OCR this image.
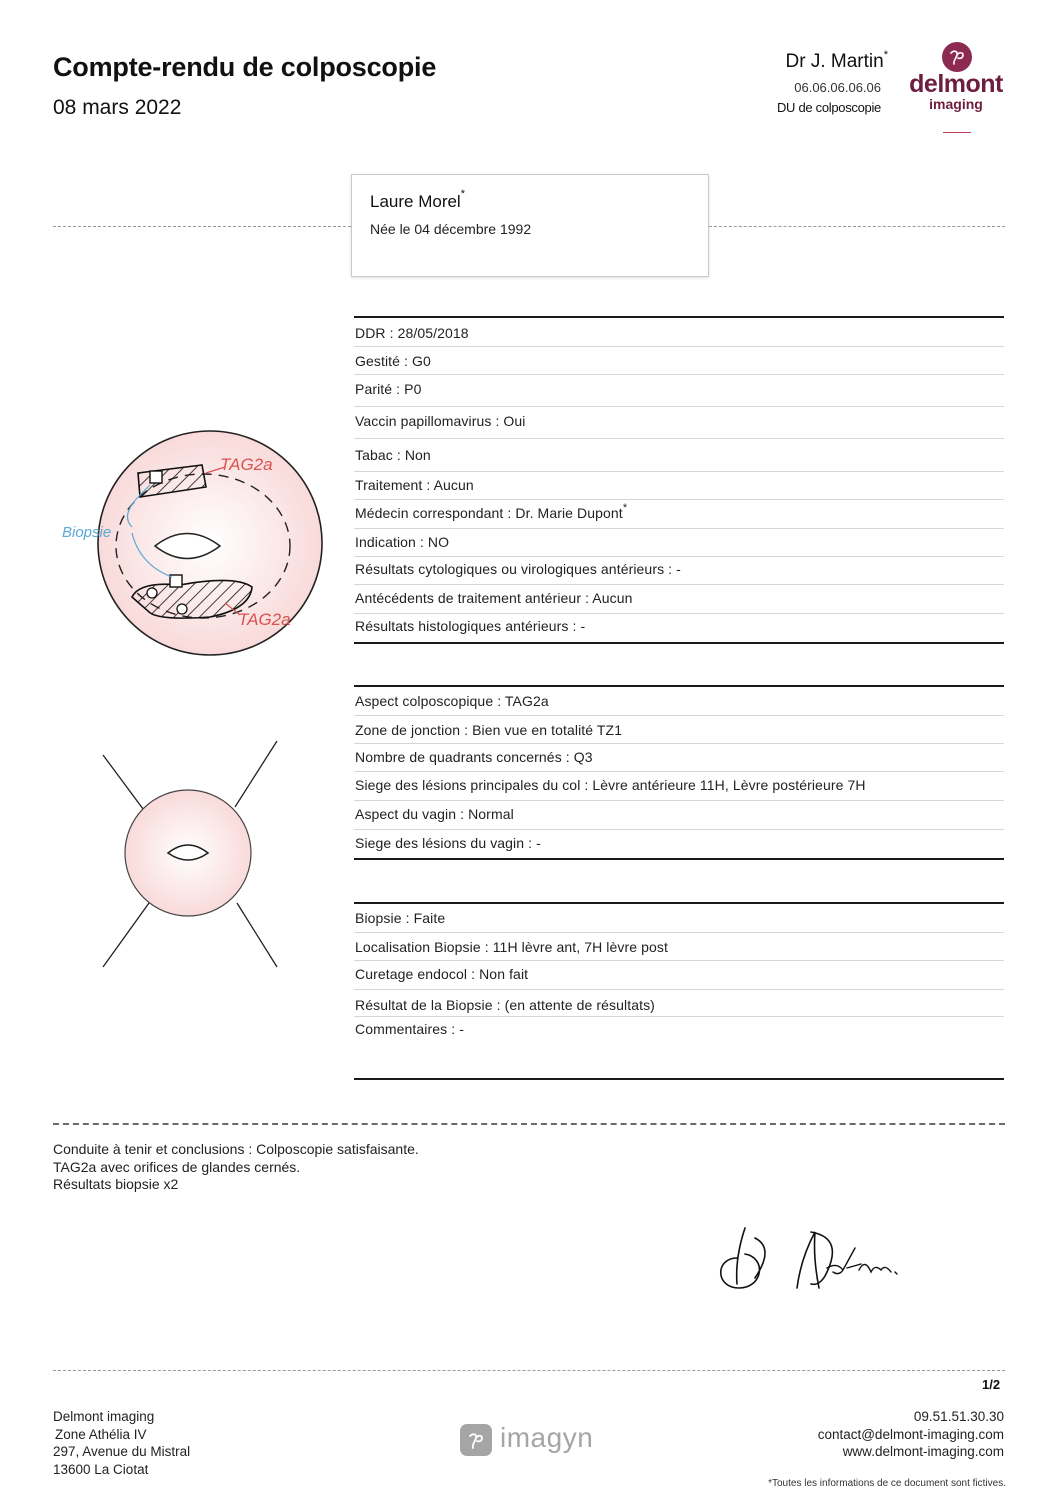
Compte-rendu de colposcopie
08 mars 2022
Dr J. Martin*
06.06.06.06.06
DU de colposcopie
delmont
imaging
Laure Morel*
Née le 04 décembre 1992
DDR : 28/05/2018
Gestité : G0
Parité : P0
Vaccin papillomavirus : Oui
Tabac : Non
Traitement : Aucun
Médecin correspondant : Dr. Marie Dupont*
Indication : NO
Résultats cytologiques ou virologiques antérieurs : -
Antécédents de traitement antérieur : Aucun
Résultats histologiques antérieurs : -
Aspect colposcopique : TAG2a
Zone de jonction : Bien vue en totalité TZ1
Nombre de quadrants concernés : Q3
Siege des lésions principales du col : Lèvre antérieure 11H, Lèvre postérieure 7H
Aspect du vagin : Normal
Siege des lésions du vagin : -
Biopsie : Faite
Localisation Biopsie : 11H lèvre ant, 7H lèvre post
Curetage endocol : Non fait
Résultat de la Biopsie : (en attente de résultats)
Commentaires : -
TAG2a
TAG2a
Biopsie
Conduite à tenir et conclusions : Colposcopie satisfaisante.
TAG2a avec orifices de glandes cernés.
Résultats biopsie x2
1/2
Delmont imaging
Zone Athélia IV
297, Avenue du Mistral
13600 La Ciotat
imagyn
09.51.51.30.30
contact@delmont-imaging.com
www.delmont-imaging.com
*Toutes les informations de ce document sont fictives.
